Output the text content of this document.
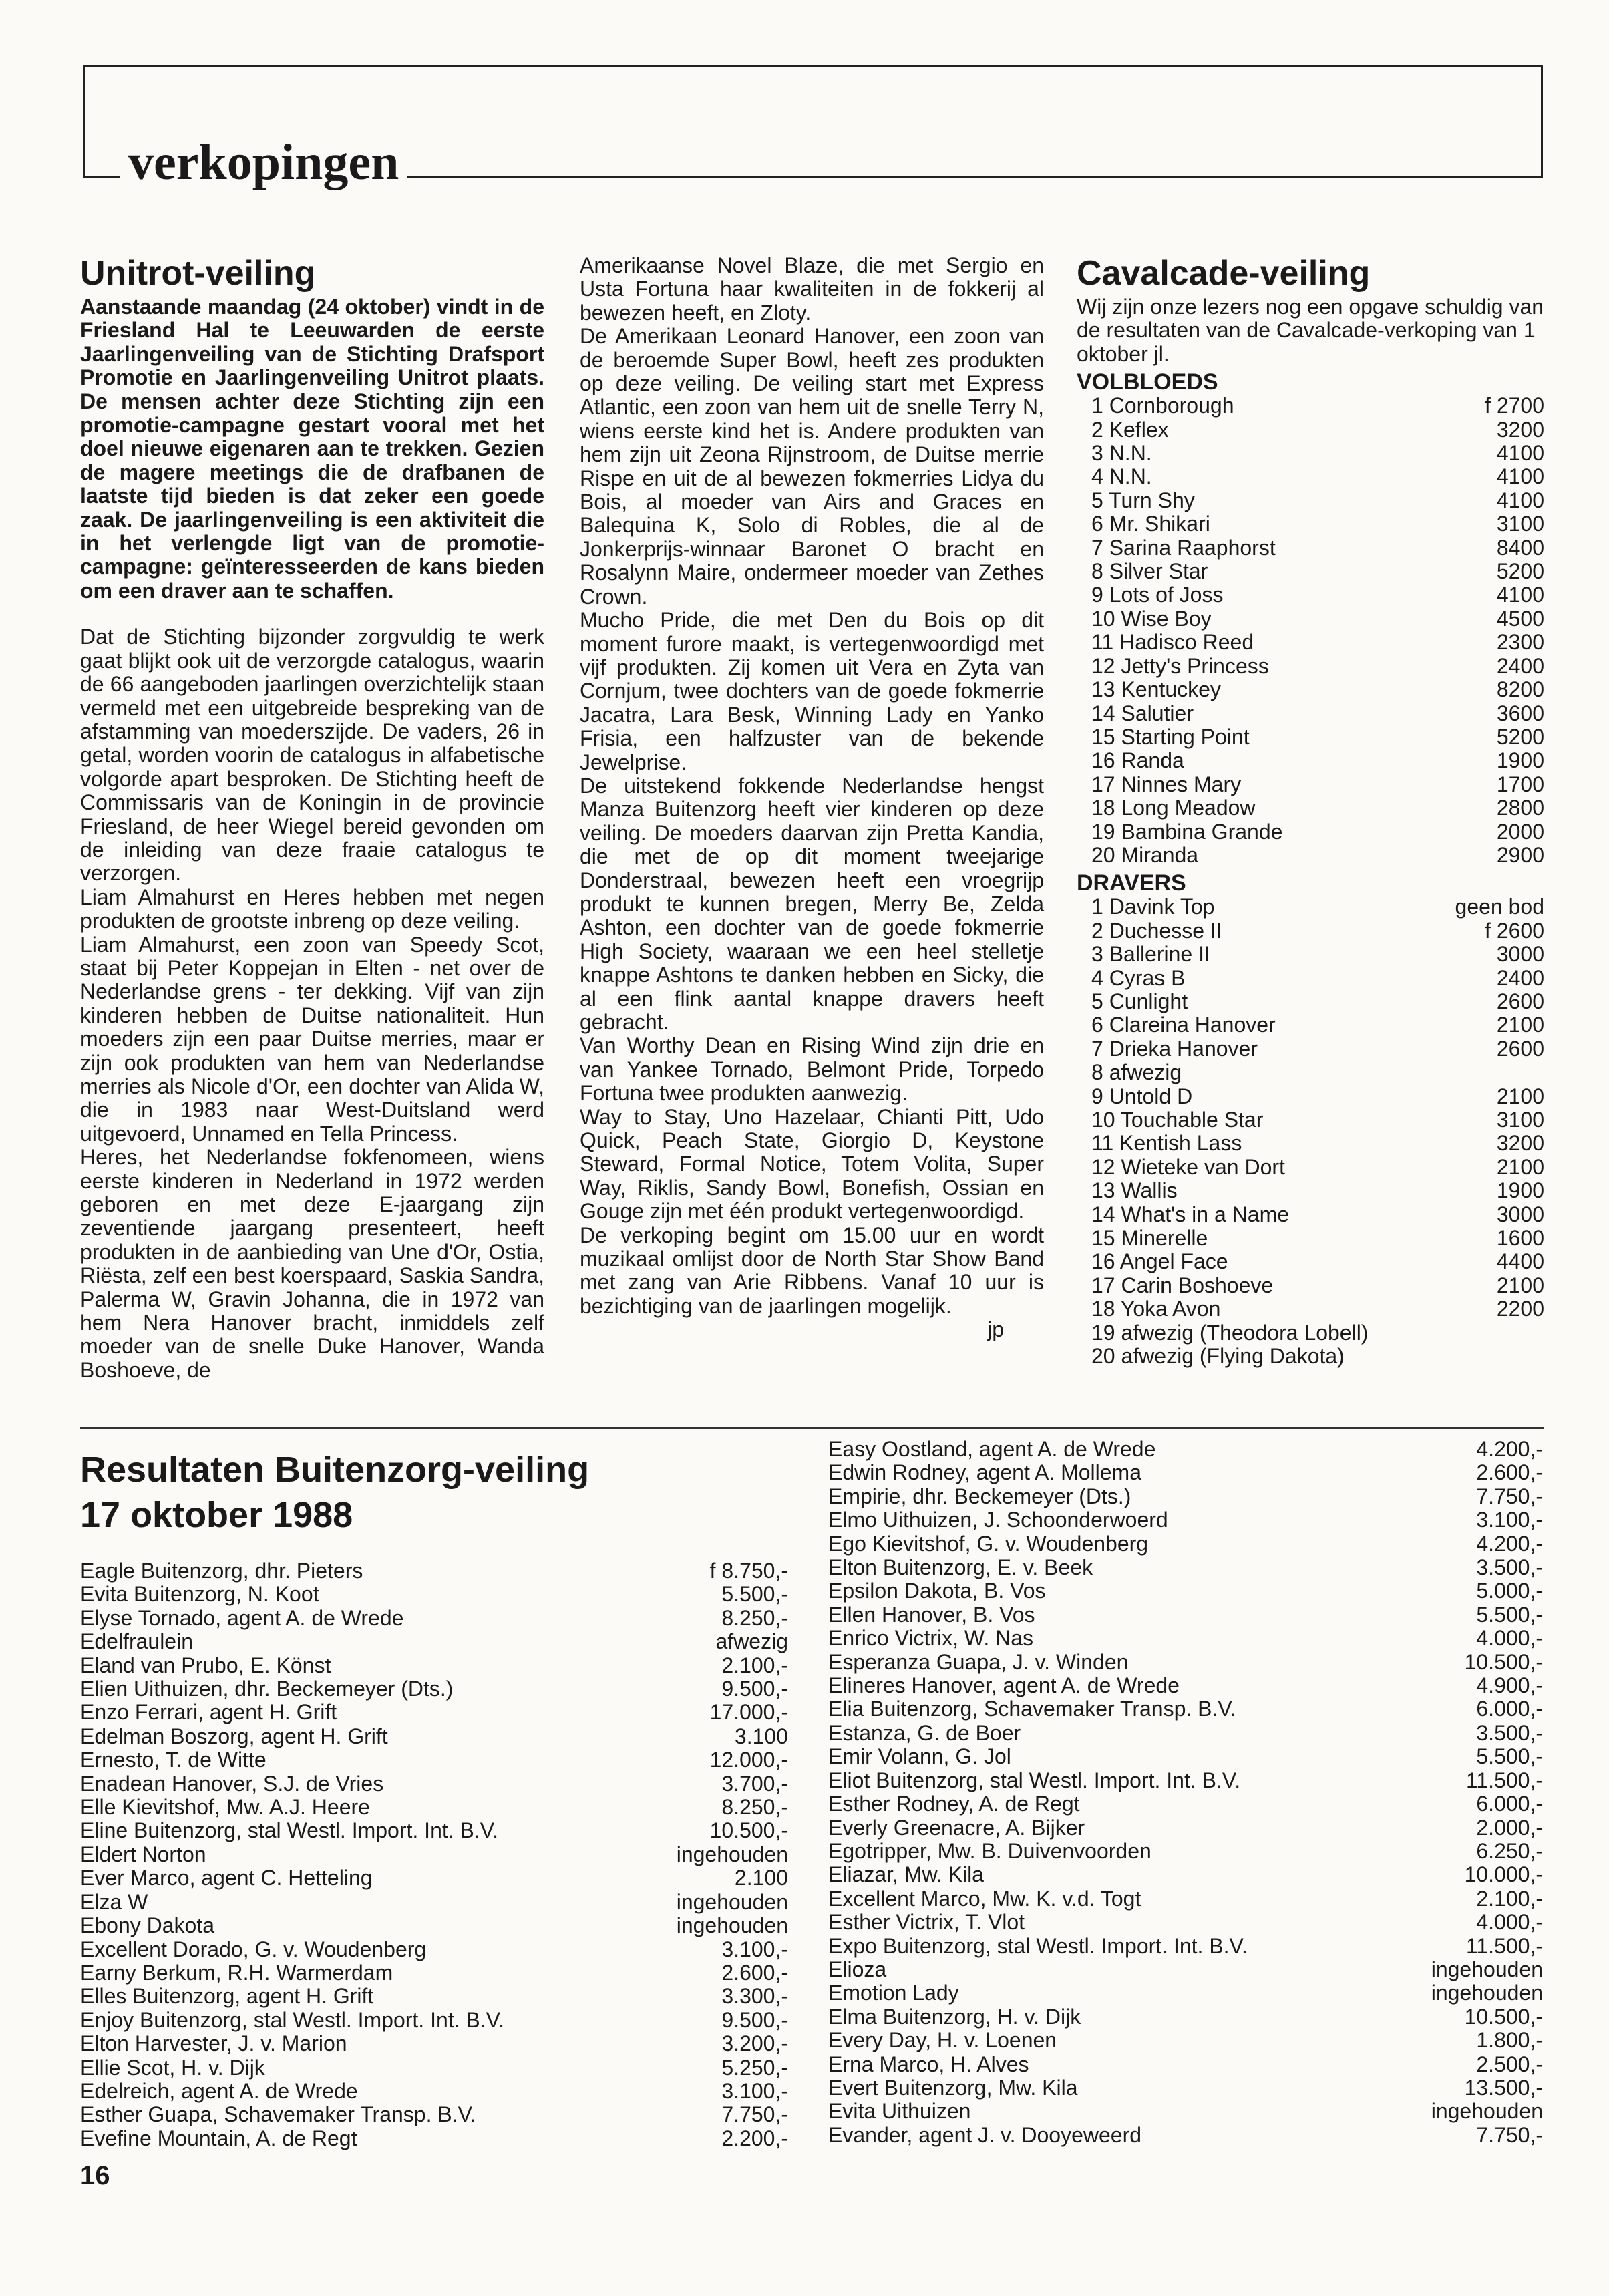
verkopingen
Unitrot-veiling

Aanstaande maandag (24 oktober) vindt in de Friesland Hal te Leeuwarden de eerste Jaarlingenveiling van de Stichting Drafsport Promotie en Jaarlingenveiling Unitrot plaats. De mensen achter deze Stichting zijn een promotie-campagne gestart vooral met het doel nieuwe eigenaren aan te trekken. Gezien de magere meetings die de drafbanen de laatste tijd bieden is dat zeker een goede zaak. De jaarlingenveiling is een aktiviteit die in het verlengde ligt van de promotie-campagne: geïnteresseerden de kans bieden om een draver aan te schaffen.

Dat de Stichting bijzonder zorgvuldig te werk gaat blijkt ook uit de verzorgde catalogus, waarin de 66 aangeboden jaarlingen overzichtelijk staan vermeld met een uitgebreide bespreking van de afstamming van moederszijde. De vaders, 26 in getal, worden voorin de catalogus in alfabetische volgorde apart besproken. De Stichting heeft de Commissaris van de Koningin in de provincie Friesland, de heer Wiegel bereid gevonden om de inleiding van deze fraaie catalogus te verzorgen.

Liam Almahurst en Heres hebben met negen produkten de grootste inbreng op deze veiling.

Liam Almahurst, een zoon van Speedy Scot, staat bij Peter Koppejan in Elten - net over de Nederlandse grens - ter dekking. Vijf van zijn kinderen hebben de Duitse nationaliteit. Hun moeders zijn een paar Duitse merries, maar er zijn ook produkten van hem van Nederlandse merries als Nicole d'Or, een dochter van Alida W, die in 1983 naar West-Duitsland werd uitgevoerd, Unnamed en Tella Princess.

Heres, het Nederlandse fokfenomeen, wiens eerste kinderen in Nederland in 1972 werden geboren en met deze E-jaargang zijn zeventiende jaargang presenteert, heeft produkten in de aanbieding van Une d'Or, Ostia, Riësta, zelf een best koerspaard, Saskia Sandra, Palerma W, Gravin Johanna, die in 1972 van hem Nera Hanover bracht, inmiddels zelf moeder van de snelle Duke Hanover, Wanda Boshoeve, de

Amerikaanse Novel Blaze, die met Sergio en Usta Fortuna haar kwaliteiten in de fokkerij al bewezen heeft, en Zloty.

De Amerikaan Leonard Hanover, een zoon van de beroemde Super Bowl, heeft zes produkten op deze veiling. De veiling start met Express Atlantic, een zoon van hem uit de snelle Terry N, wiens eerste kind het is. Andere produkten van hem zijn uit Zeona Rijnstroom, de Duitse merrie Rispe en uit de al bewezen fokmerries Lidya du Bois, al moeder van Airs and Graces en Balequina K, Solo di Robles, die al de Jonkerprijs-winnaar Baronet O bracht en Rosalynn Maire, ondermeer moeder van Zethes Crown.

Mucho Pride, die met Den du Bois op dit moment furore maakt, is vertegenwoordigd met vijf produkten. Zij komen uit Vera en Zyta van Cornjum, twee dochters van de goede fokmerrie Jacatra, Lara Besk, Winning Lady en Yanko Frisia, een halfzuster van de bekende Jewelprise.

De uitstekend fokkende Nederlandse hengst Manza Buitenzorg heeft vier kinderen op deze veiling. De moeders daarvan zijn Pretta Kandia, die met de op dit moment tweejarige Donderstraal, bewezen heeft een vroegrijp produkt te kunnen bregen, Merry Be, Zelda Ashton, een dochter van de goede fokmerrie High Society, waaraan we een heel stelletje knappe Ashtons te danken hebben en Sicky, die al een flink aantal knappe dravers heeft gebracht.

Van Worthy Dean en Rising Wind zijn drie en van Yankee Tornado, Belmont Pride, Torpedo Fortuna twee produkten aanwezig.

Way to Stay, Uno Hazelaar, Chianti Pitt, Udo Quick, Peach State, Giorgio D, Keystone Steward, Formal Notice, Totem Volita, Super Way, Riklis, Sandy Bowl, Bonefish, Ossian en Gouge zijn met één produkt vertegenwoordigd.

De verkoping begint om 15.00 uur en wordt muzikaal omlijst door de North Star Show Band met zang van Arie Ribbens. Vanaf 10 uur is bezichtiging van de jaarlingen mogelijk.

jp

Cavalcade-veiling

Wij zijn onze lezers nog een opgave schuldig van de resultaten van de Cavalcade-verkoping van 1 oktober jl.

VOLBLOEDS
1 Cornborough	f 2700
2 Keflex	3200
3 N.N.	4100
4 N.N.	4100
5 Turn Shy	4100
6 Mr. Shikari	3100
7 Sarina Raaphorst	8400
8 Silver Star	5200
9 Lots of Joss	4100
10 Wise Boy	4500
11 Hadisco Reed	2300
12 Jetty's Princess	2400
13 Kentuckey	8200
14 Salutier	3600
15 Starting Point	5200
16 Randa	1900
17 Ninnes Mary	1700
18 Long Meadow	2800
19 Bambina Grande	2000
20 Miranda	2900
DRAVERS
1 Davink Top	geen bod
2 Duchesse II	f 2600
3 Ballerine II	3000
4 Cyras B	2400
5 Cunlight	2600
6 Clareina Hanover	2100
7 Drieka Hanover	2600
8 afwezig
9 Untold D	2100
10 Touchable Star	3100
11 Kentish Lass	3200
12 Wieteke van Dort	2100
13 Wallis	1900
14 What's in a Name	3000
15 Minerelle	1600
16 Angel Face	4400
17 Carin Boshoeve	2100
18 Yoka Avon	2200
19 afwezig (Theodora Lobell)
20 afwezig (Flying Dakota)
Resultaten Buitenzorg-veiling
17 oktober 1988
Eagle Buitenzorg, dhr. Pieters	f 8.750,-
Evita Buitenzorg, N. Koot	5.500,-
Elyse Tornado, agent A. de Wrede	8.250,-
Edelfraulein	afwezig
Eland van Prubo, E. Könst	2.100,-
Elien Uithuizen, dhr. Beckemeyer (Dts.)	9.500,-
Enzo Ferrari, agent H. Grift	17.000,-
Edelman Boszorg, agent H. Grift	3.100
Ernesto, T. de Witte	12.000,-
Enadean Hanover, S.J. de Vries	3.700,-
Elle Kievitshof, Mw. A.J. Heere	8.250,-
Eline Buitenzorg, stal Westl. Import. Int. B.V.	10.500,-
Eldert Norton	ingehouden
Ever Marco, agent C. Hetteling	2.100
Elza W	ingehouden
Ebony Dakota	ingehouden
Excellent Dorado, G. v. Woudenberg	3.100,-
Earny Berkum, R.H. Warmerdam	2.600,-
Elles Buitenzorg, agent H. Grift	3.300,-
Enjoy Buitenzorg, stal Westl. Import. Int. B.V.	9.500,-
Elton Harvester, J. v. Marion	3.200,-
Ellie Scot, H. v. Dijk	5.250,-
Edelreich, agent A. de Wrede	3.100,-
Esther Guapa, Schavemaker Transp. B.V.	7.750,-
Evefine Mountain, A. de Regt	2.200,-
Easy Oostland, agent A. de Wrede	4.200,-
Edwin Rodney, agent A. Mollema	2.600,-
Empirie, dhr. Beckemeyer (Dts.)	7.750,-
Elmo Uithuizen, J. Schoonderwoerd	3.100,-
Ego Kievitshof, G. v. Woudenberg	4.200,-
Elton Buitenzorg, E. v. Beek	3.500,-
Epsilon Dakota, B. Vos	5.000,-
Ellen Hanover, B. Vos	5.500,-
Enrico Victrix, W. Nas	4.000,-
Esperanza Guapa, J. v. Winden	10.500,-
Elineres Hanover, agent A. de Wrede	4.900,-
Elia Buitenzorg, Schavemaker Transp. B.V.	6.000,-
Estanza, G. de Boer	3.500,-
Emir Volann, G. Jol	5.500,-
Eliot Buitenzorg, stal Westl. Import. Int. B.V.	11.500,-
Esther Rodney, A. de Regt	6.000,-
Everly Greenacre, A. Bijker	2.000,-
Egotripper, Mw. B. Duivenvoorden	6.250,-
Eliazar, Mw. Kila	10.000,-
Excellent Marco, Mw. K. v.d. Togt	2.100,-
Esther Victrix, T. Vlot	4.000,-
Expo Buitenzorg, stal Westl. Import. Int. B.V.	11.500,-
Elioza	ingehouden
Emotion Lady	ingehouden
Elma Buitenzorg, H. v. Dijk	10.500,-
Every Day, H. v. Loenen	1.800,-
Erna Marco, H. Alves	2.500,-
Evert Buitenzorg, Mw. Kila	13.500,-
Evita Uithuizen	ingehouden
Evander, agent J. v. Dooyeweerd	7.750,-
16
